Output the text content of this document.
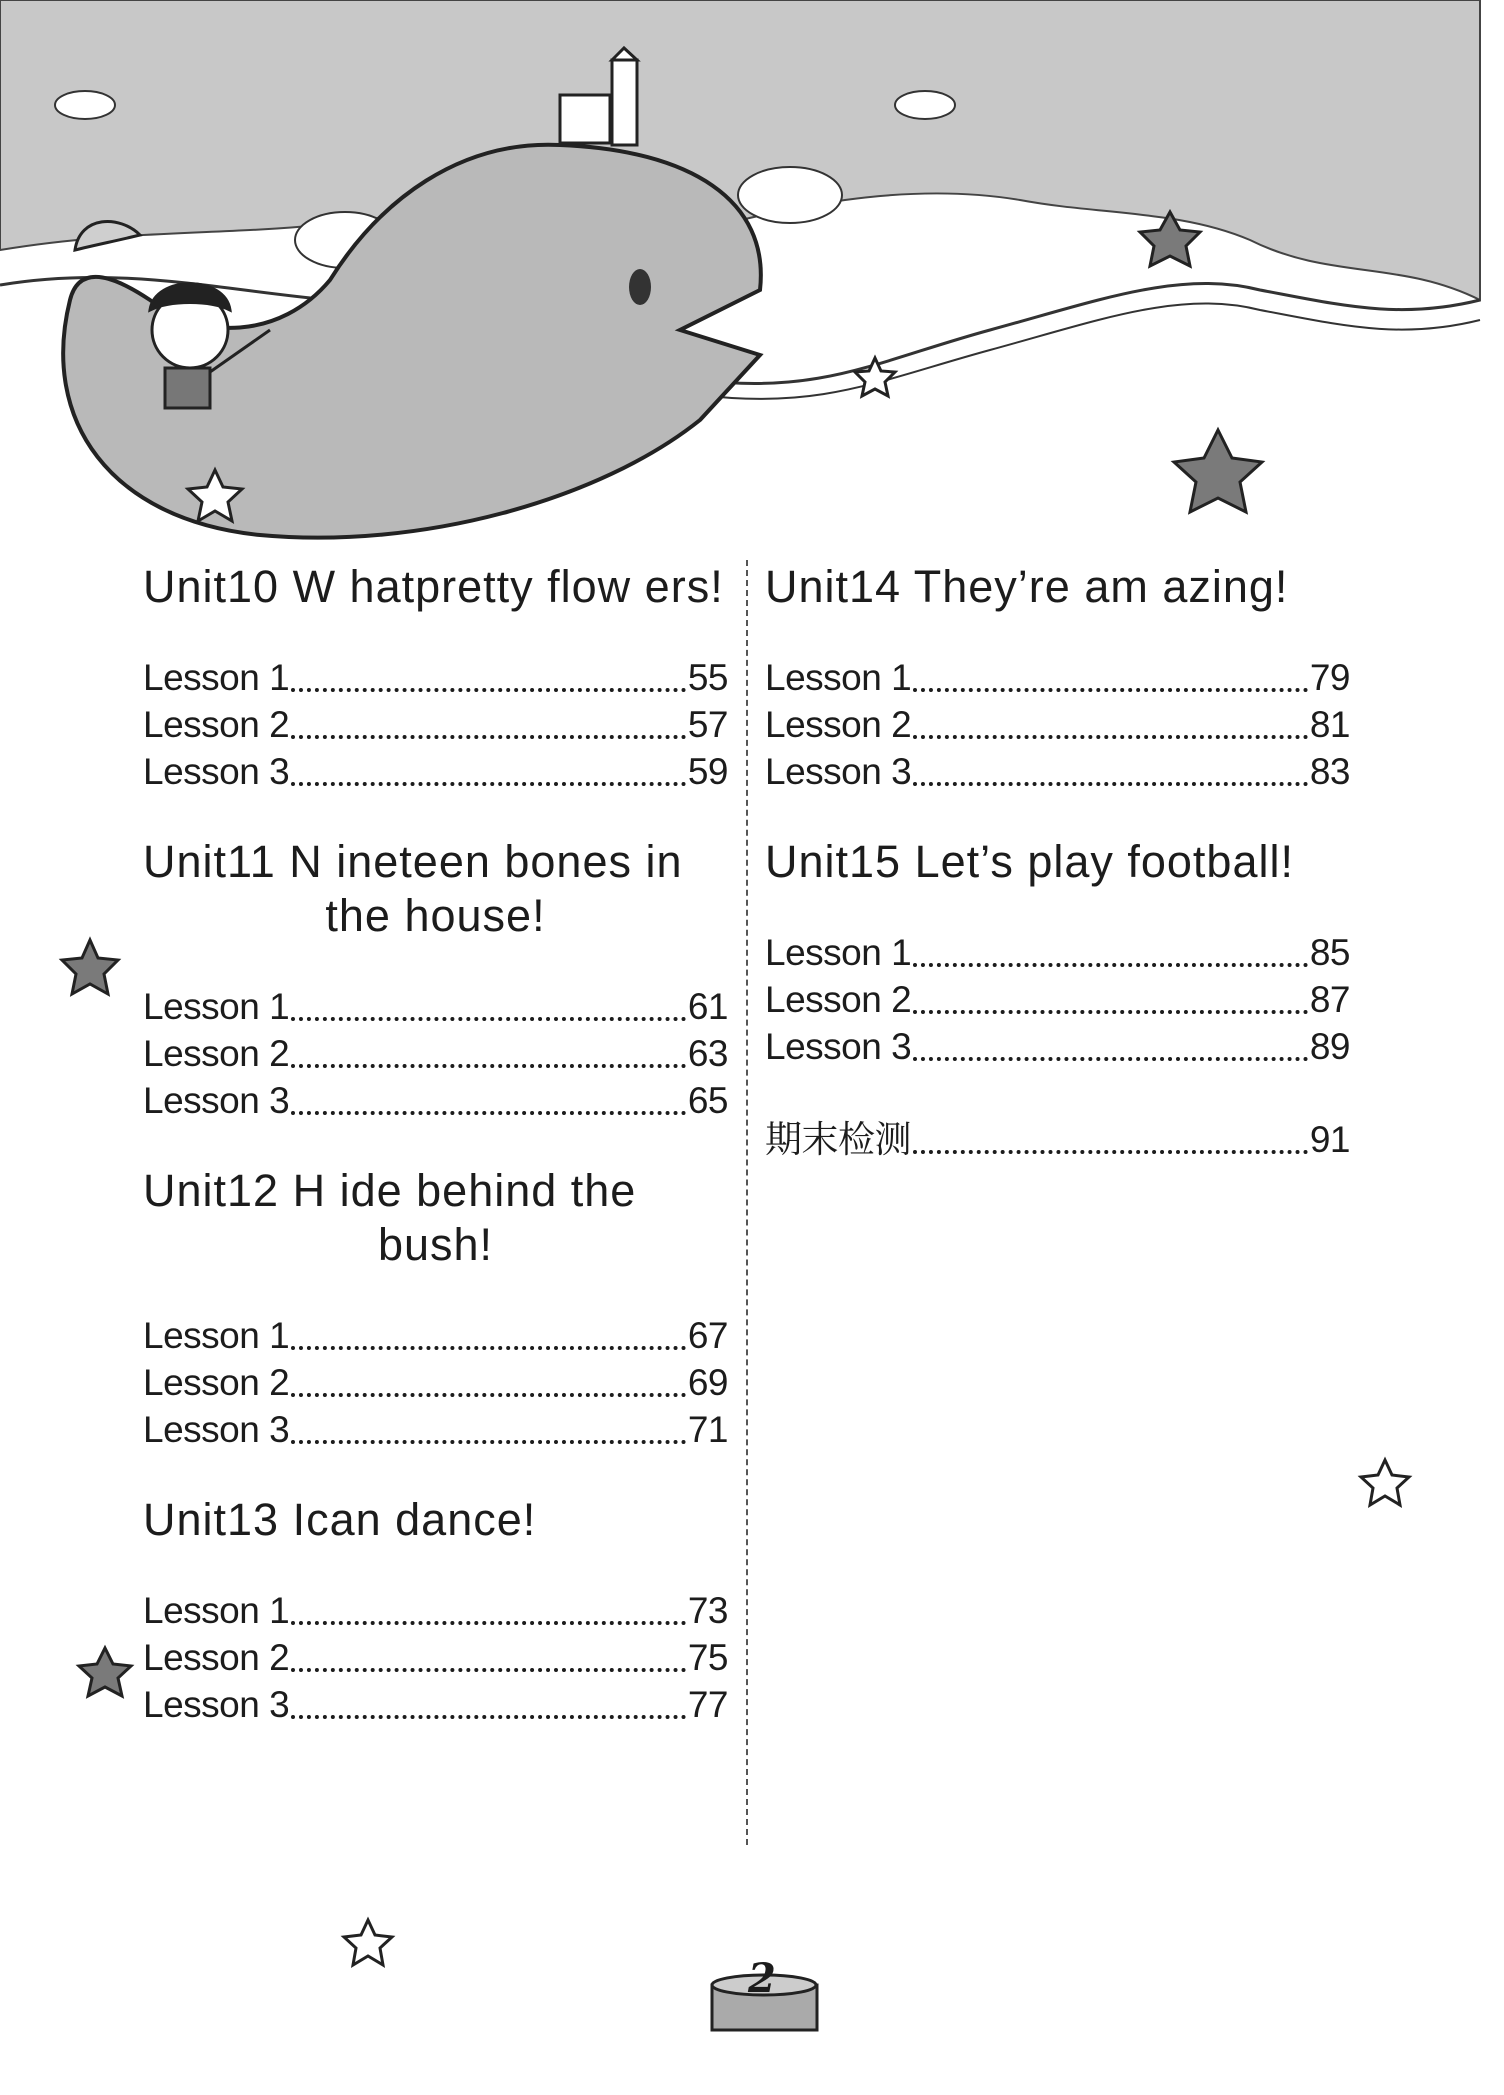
Unit10 W hatpretty flow ers!
Lesson 1	55
Lesson 2	57
Lesson 3	59
Unit11 N ineteen bones in
the house!
Lesson 1	61
Lesson 2	63
Lesson 3	65
Unit12 H ide behind the
bush!
Lesson 1	67
Lesson 2	69
Lesson 3	71
Unit13 Ican dance!
Lesson 1	73
Lesson 2	75
Lesson 3	77
Unit14 They’re am azing!
Lesson 1	79
Lesson 2	81
Lesson 3	83
Unit15 Let’s play football!
Lesson 1	85
Lesson 2	87
Lesson 3	89
期末检测	91
2
